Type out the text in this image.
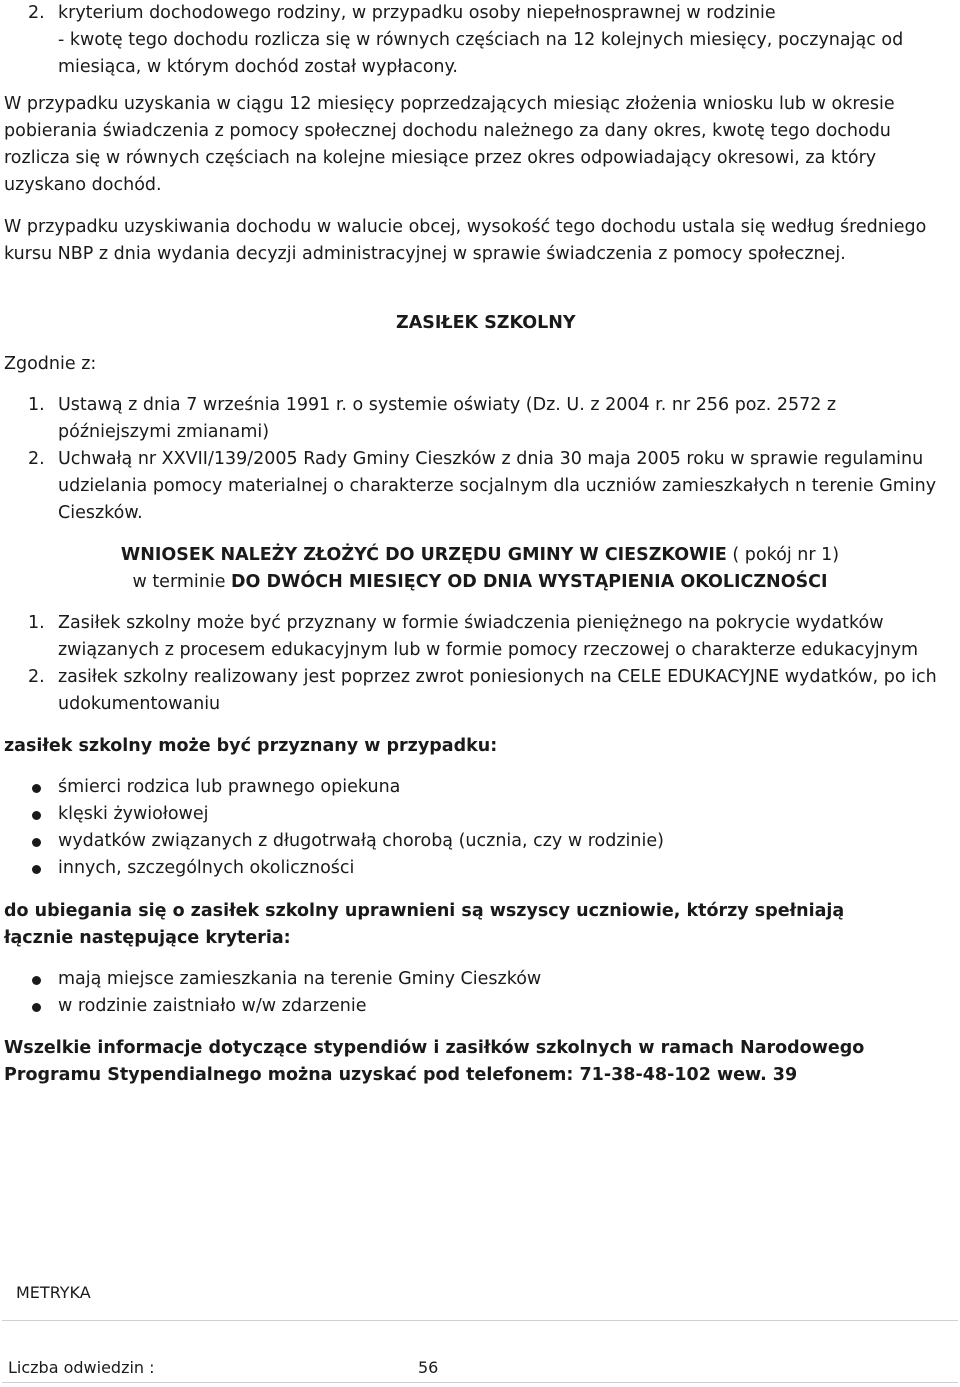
2. kryterium dochodowego rodziny, w przypadku osoby niepełnosprawnej w rodzinie
- kwotę tego dochodu rozlicza się w równych częściach na 12 kolejnych miesięcy, poczynając od
miesiąca, w którym dochód został wypłacony.
W przypadku uzyskania w ciągu 12 miesięcy poprzedzających miesiąc złożenia wniosku lub w okresie pobierania świadczenia z pomocy społecznej dochodu należnego za dany okres, kwotę tego dochodu rozlicza się w równych częściach na kolejne miesiące przez okres odpowiadający okresowi, za który uzyskano dochód.
W przypadku uzyskiwania dochodu w walucie obcej, wysokość tego dochodu ustala się według średniego kursu NBP z dnia wydania decyzji administracyjnej w sprawie świadczenia z pomocy społecznej.
ZASIŁEK SZKOLNY
Zgodnie z:
1. Ustawą z dnia 7 września 1991 r. o systemie oświaty (Dz. U. z 2004 r. nr 256 poz. 2572 z późniejszymi zmianami)
2. Uchwałą nr XXVII/139/2005 Rady Gminy Cieszków z dnia 30 maja 2005 roku w sprawie regulaminu udzielania pomocy materialnej o charakterze socjalnym dla uczniów zamieszkałych n terenie Gminy Cieszków.
WNIOSEK NALEŻY ZŁOŻYĆ DO URZĘDU GMINY W CIESZKOWIE ( pokój nr 1)
w terminie DO DWÓCH MIESIĘCY OD DNIA WYSTĄPIENIA OKOLICZNOŚCI
1. Zasiłek szkolny może być przyznany w formie świadczenia pieniężnego na pokrycie wydatków związanych z procesem edukacyjnym lub w formie pomocy rzeczowej o charakterze edukacyjnym
2. zasiłek szkolny realizowany jest poprzez zwrot poniesionych na CELE EDUKACYJNE wydatków, po ich udokumentowaniu
zasiłek szkolny może być przyznany w przypadku:
śmierci rodzica lub prawnego opiekuna
klęski żywiołowej
wydatków związanych z długotrwałą chorobą (ucznia, czy w rodzinie)
innych, szczególnych okoliczności
do ubiegania się o zasiłek szkolny uprawnieni są wszyscy uczniowie, którzy spełniają łącznie następujące kryteria:
mają miejsce zamieszkania na terenie Gminy Cieszków
w rodzinie zaistniało w/w zdarzenie
Wszelkie informacje dotyczące stypendiów i zasiłków szkolnych w ramach Narodowego Programu Stypendialnego można uzyskać pod telefonem: 71-38-48-102 wew. 39
METRYKA
Liczba odwiedzin :	56
